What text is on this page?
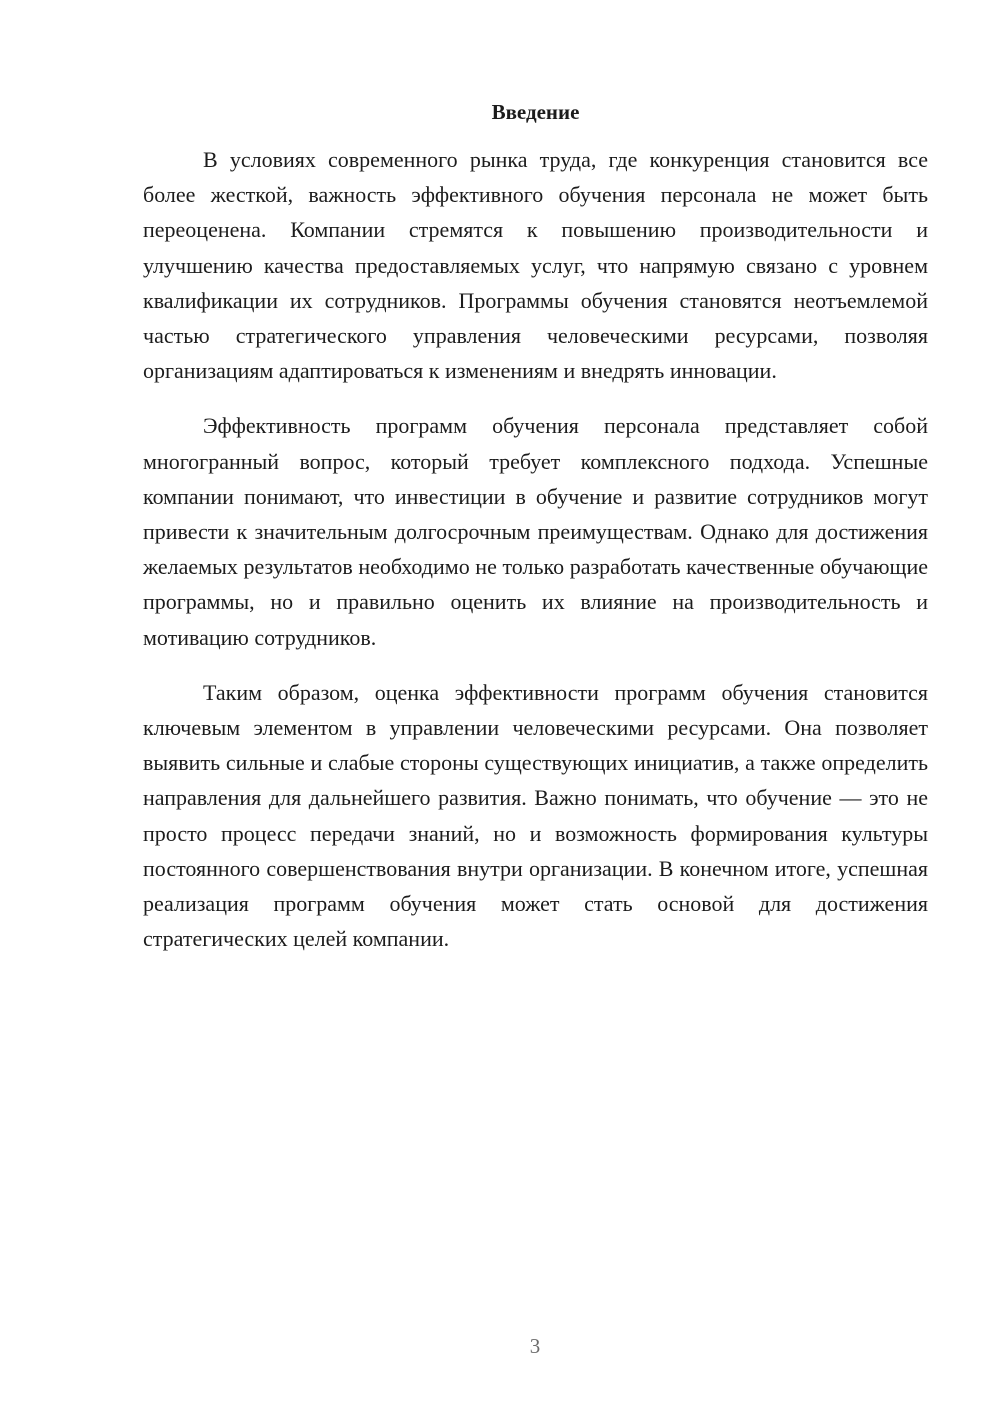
Введение

В условиях современного рынка труда, где конкуренция становится все более жесткой, важность эффективного обучения персонала не может быть переоценена. Компании стремятся к повышению производительности и улучшению качества предоставляемых услуг, что напрямую связано с уровнем квалификации их сотрудников. Программы обучения становятся неотъемлемой частью стратегического управления человеческими ресурсами, позволяя организациям адаптироваться к изменениям и внедрять инновации.

Эффективность программ обучения персонала представляет собой многогранный вопрос, который требует комплексного подхода. Успешные компании понимают, что инвестиции в обучение и развитие сотрудников могут привести к значительным долгосрочным преимуществам. Однако для достижения желаемых результатов необходимо не только разработать качественные обучающие программы, но и правильно оценить их влияние на производительность и мотивацию сотрудников.

Таким образом, оценка эффективности программ обучения становится ключевым элементом в управлении человеческими ресурсами. Она позволяет выявить сильные и слабые стороны существующих инициатив, а также определить направления для дальнейшего развития. Важно понимать, что обучение — это не просто процесс передачи знаний, но и возможность формирования культуры постоянного совершенствования внутри организации. В конечном итоге, успешная реализация программ обучения может стать основой для достижения стратегических целей компании.

3
